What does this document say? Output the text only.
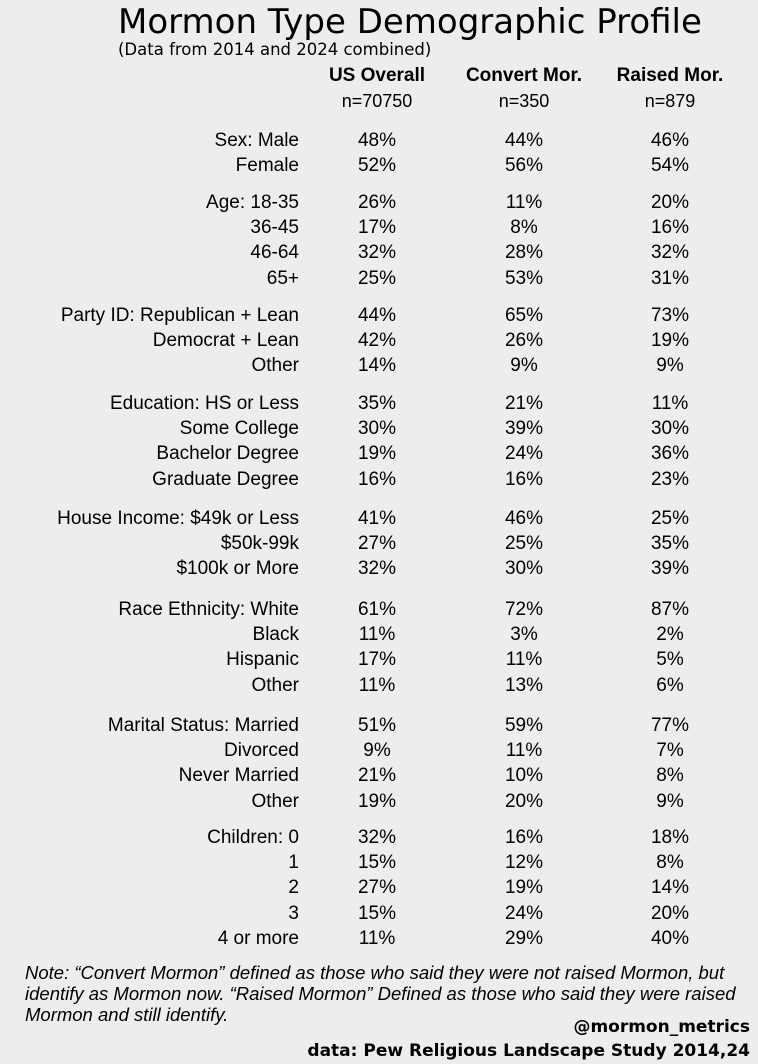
Mormon Type Demographic Profile
(Data from 2014 and 2024 combined)
US Overall	Convert Mor.	Raised Mor.
n=70750	n=350	n=879
Sex: Male	48%	44%	46%
Female	52%	56%	54%
Age: 18-35	26%	11%	20%
36-45	17%	8%	16%
46-64	32%	28%	32%
65+	25%	53%	31%
Party ID: Republican + Lean	44%	65%	73%
Democrat + Lean	42%	26%	19%
Other	14%	9%	9%
Education: HS or Less	35%	21%	11%
Some College	30%	39%	30%
Bachelor Degree	19%	24%	36%
Graduate Degree	16%	16%	23%
House Income: $49k or Less	41%	46%	25%
$50k-99k	27%	25%	35%
$100k or More	32%	30%	39%
Race Ethnicity: White	61%	72%	87%
Black	11%	3%	2%
Hispanic	17%	11%	5%
Other	11%	13%	6%
Marital Status: Married	51%	59%	77%
Divorced	9%	11%	7%
Never Married	21%	10%	8%
Other	19%	20%	9%
Children: 0	32%	16%	18%
1	15%	12%	8%
2	27%	19%	14%
3	15%	24%	20%
4 or more	11%	29%	40%
Note: “Convert Mormon” defined as those who said they were not raised Mormon, but identify as Mormon now. “Raised Mormon” Defined as those who said they were raised Mormon and still identify.
@mormon_metrics
data: Pew Religious Landscape Study 2014,24
